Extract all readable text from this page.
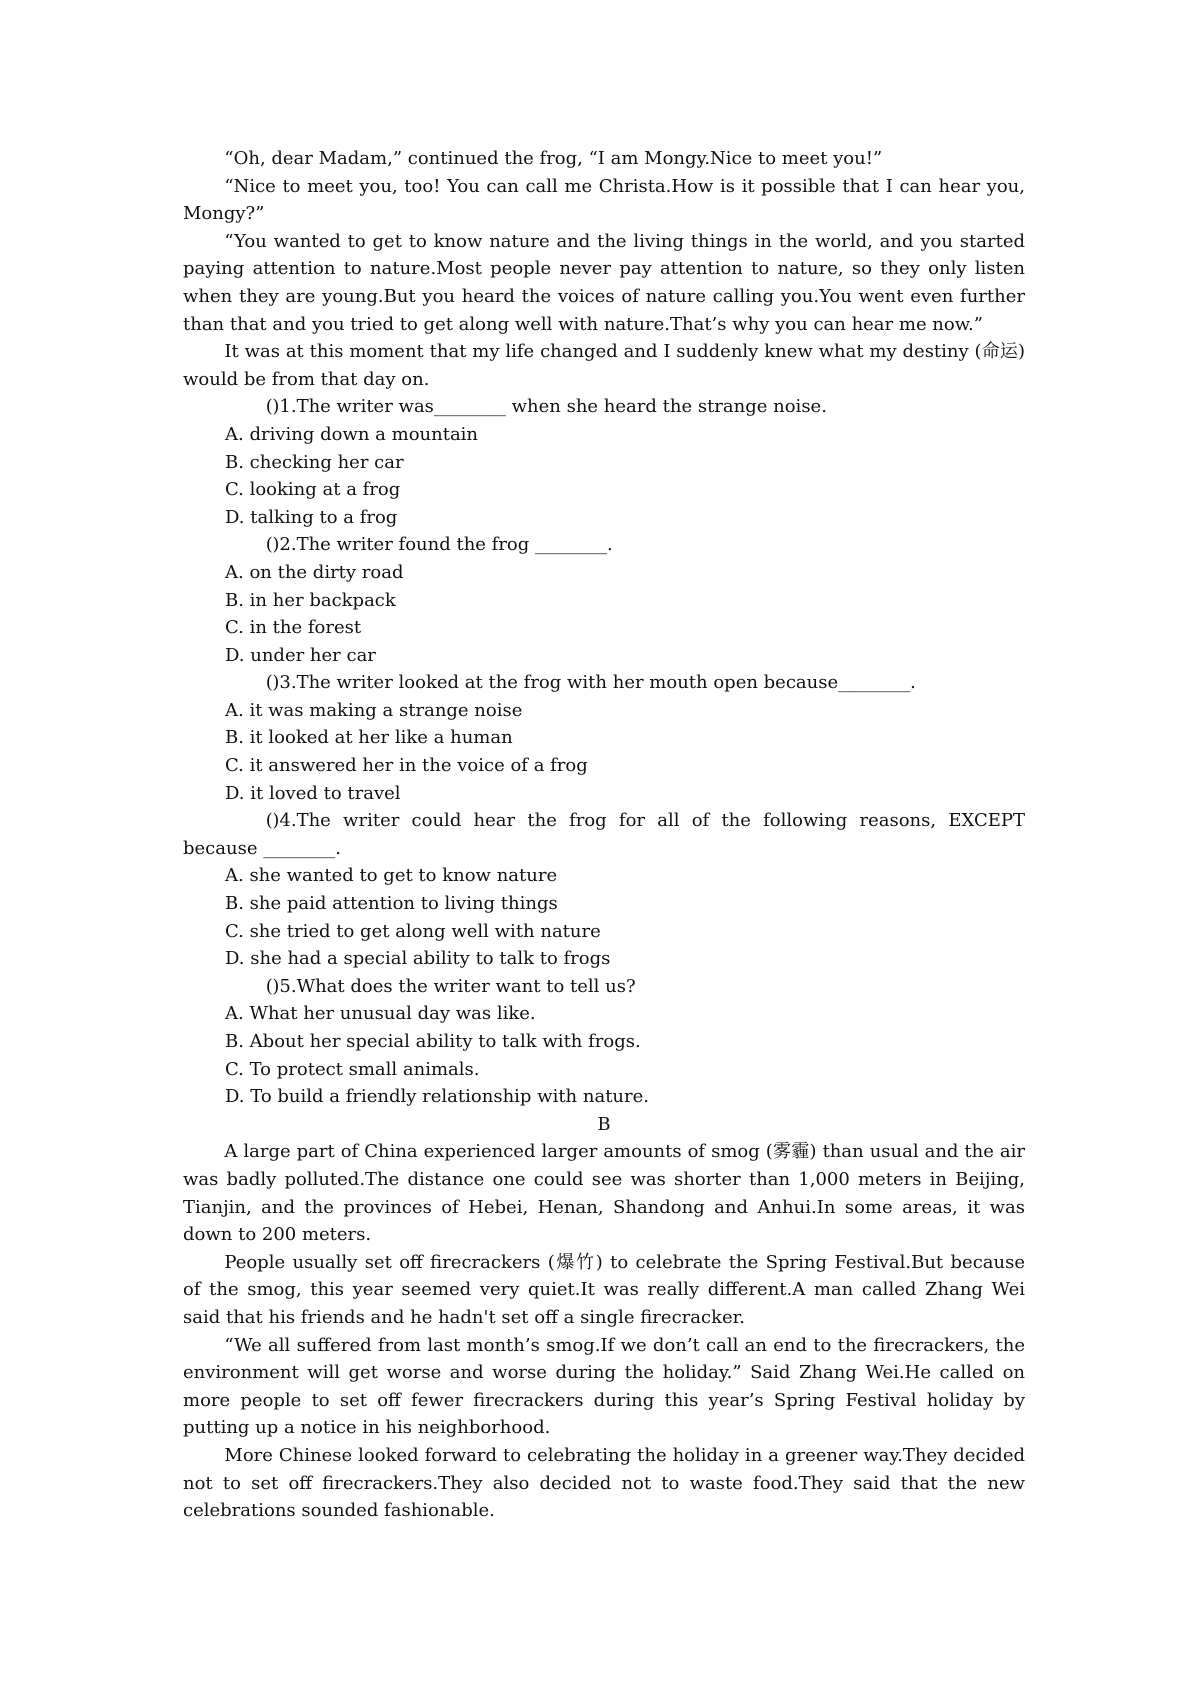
“Oh, dear Madam,” continued the frog, “I am Mongy.Nice to meet you!”

“Nice to meet you, too! You can call me Christa.How is it possible that I can hear you, Mongy?”

“You wanted to get to know nature and the living things in the world, and you started paying attention to nature.Most people never pay attention to nature, so they only listen when they are young.But you heard the voices of nature calling you.You went even further than that and you tried to get along well with nature.That’s why you can hear me now.”

It was at this moment that my life changed and I suddenly knew what my destiny (命运) would be from that day on.

()1.The writer was________ when she heard the strange noise.

A. driving down a mountain

B. checking her car

C. looking at a frog

D. talking to a frog

()2.The writer found the frog ________.

A. on the dirty road

B. in her backpack

C. in the forest

D. under her car

()3.The writer looked at the frog with her mouth open because________.

A. it was making a strange noise

B. it looked at her like a human

C. it answered her in the voice of a frog

D. it loved to travel

()4.The writer could hear the frog for all of the following reasons, EXCEPT because ________.

A. she wanted to get to know nature

B. she paid attention to living things

C. she tried to get along well with nature

D. she had a special ability to talk to frogs

()5.What does the writer want to tell us?

A. What her unusual day was like.

B. About her special ability to talk with frogs.

C. To protect small animals.

D. To build a friendly relationship with nature.

B

A large part of China experienced larger amounts of smog (雾霾) than usual and the air was badly polluted.The distance one could see was shorter than 1,000 meters in Beijing, Tianjin, and the provinces of Hebei, Henan, Shandong and Anhui.In some areas, it was down to 200 meters.

People usually set off firecrackers (爆竹) to celebrate the Spring Festival.But because of the smog, this year seemed very quiet.It was really different.A man called Zhang Wei said that his friends and he hadn't set off a single firecracker.

“We all suffered from last month’s smog.If we don’t call an end to the firecrackers, the environment will get worse and worse during the holiday.” Said Zhang Wei.He called on more people to set off fewer firecrackers during this year’s Spring Festival holiday by putting up a notice in his neighborhood.

More Chinese looked forward to celebrating the holiday in a greener way.They decided not to set off firecrackers.They also decided not to waste food.They said that the new celebrations sounded fashionable.
